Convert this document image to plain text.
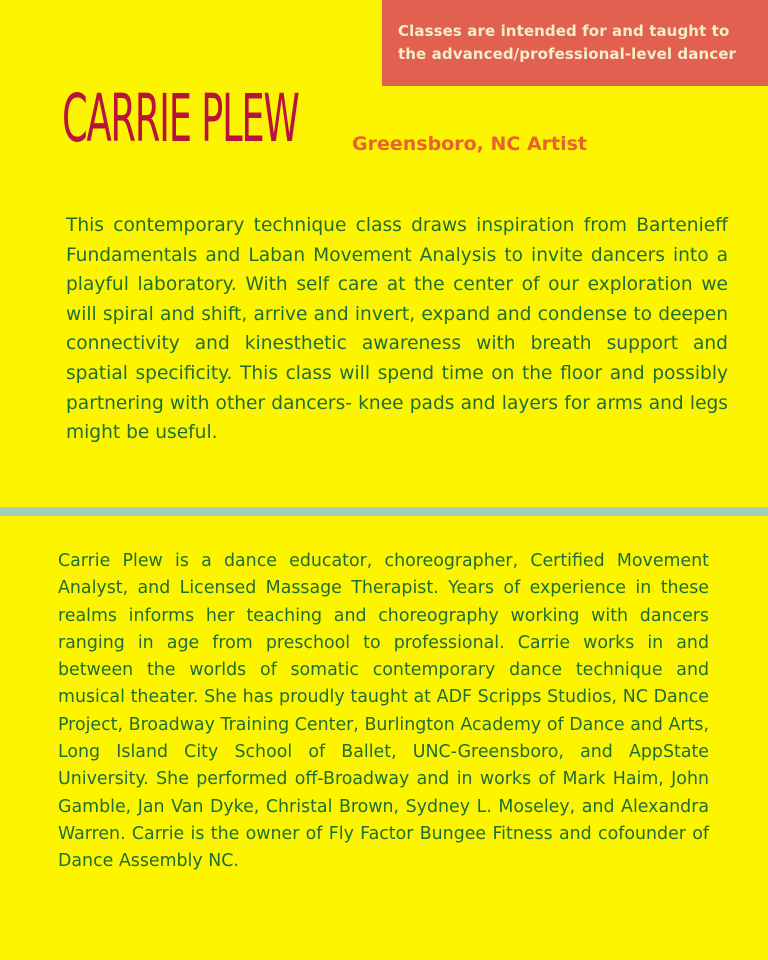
Classes are intended for and taught to
the advanced/professional-level dancer

CARRIE PLEW	Greensboro, NC Artist

This contemporary technique class draws inspiration from Bartenieff Fundamentals and Laban Movement Analysis to invite dancers into a playful laboratory. With self care at the center of our exploration we will spiral and shift, arrive and invert, expand and condense to deepen connectivity and kinesthetic awareness with breath support and spatial specificity. This class will spend time on the floor and possibly partnering with other dancers- knee pads and layers for arms and legs might be useful.

Carrie Plew is a dance educator, choreographer, Certified Movement Analyst, and Licensed Massage Therapist. Years of experience in these realms informs her teaching and choreography working with dancers ranging in age from preschool to professional. Carrie works in and between the worlds of somatic contemporary dance technique and musical theater. She has proudly taught at ADF Scripps Studios, NC Dance Project, Broadway Training Center, Burlington Academy of Dance and Arts, Long Island City School of Ballet, UNC-Greensboro, and AppState University. She performed off-Broadway and in works of Mark Haim, John Gamble, Jan Van Dyke, Christal Brown, Sydney L. Moseley, and Alexandra Warren. Carrie is the owner of Fly Factor Bungee Fitness and cofounder of Dance Assembly NC.
